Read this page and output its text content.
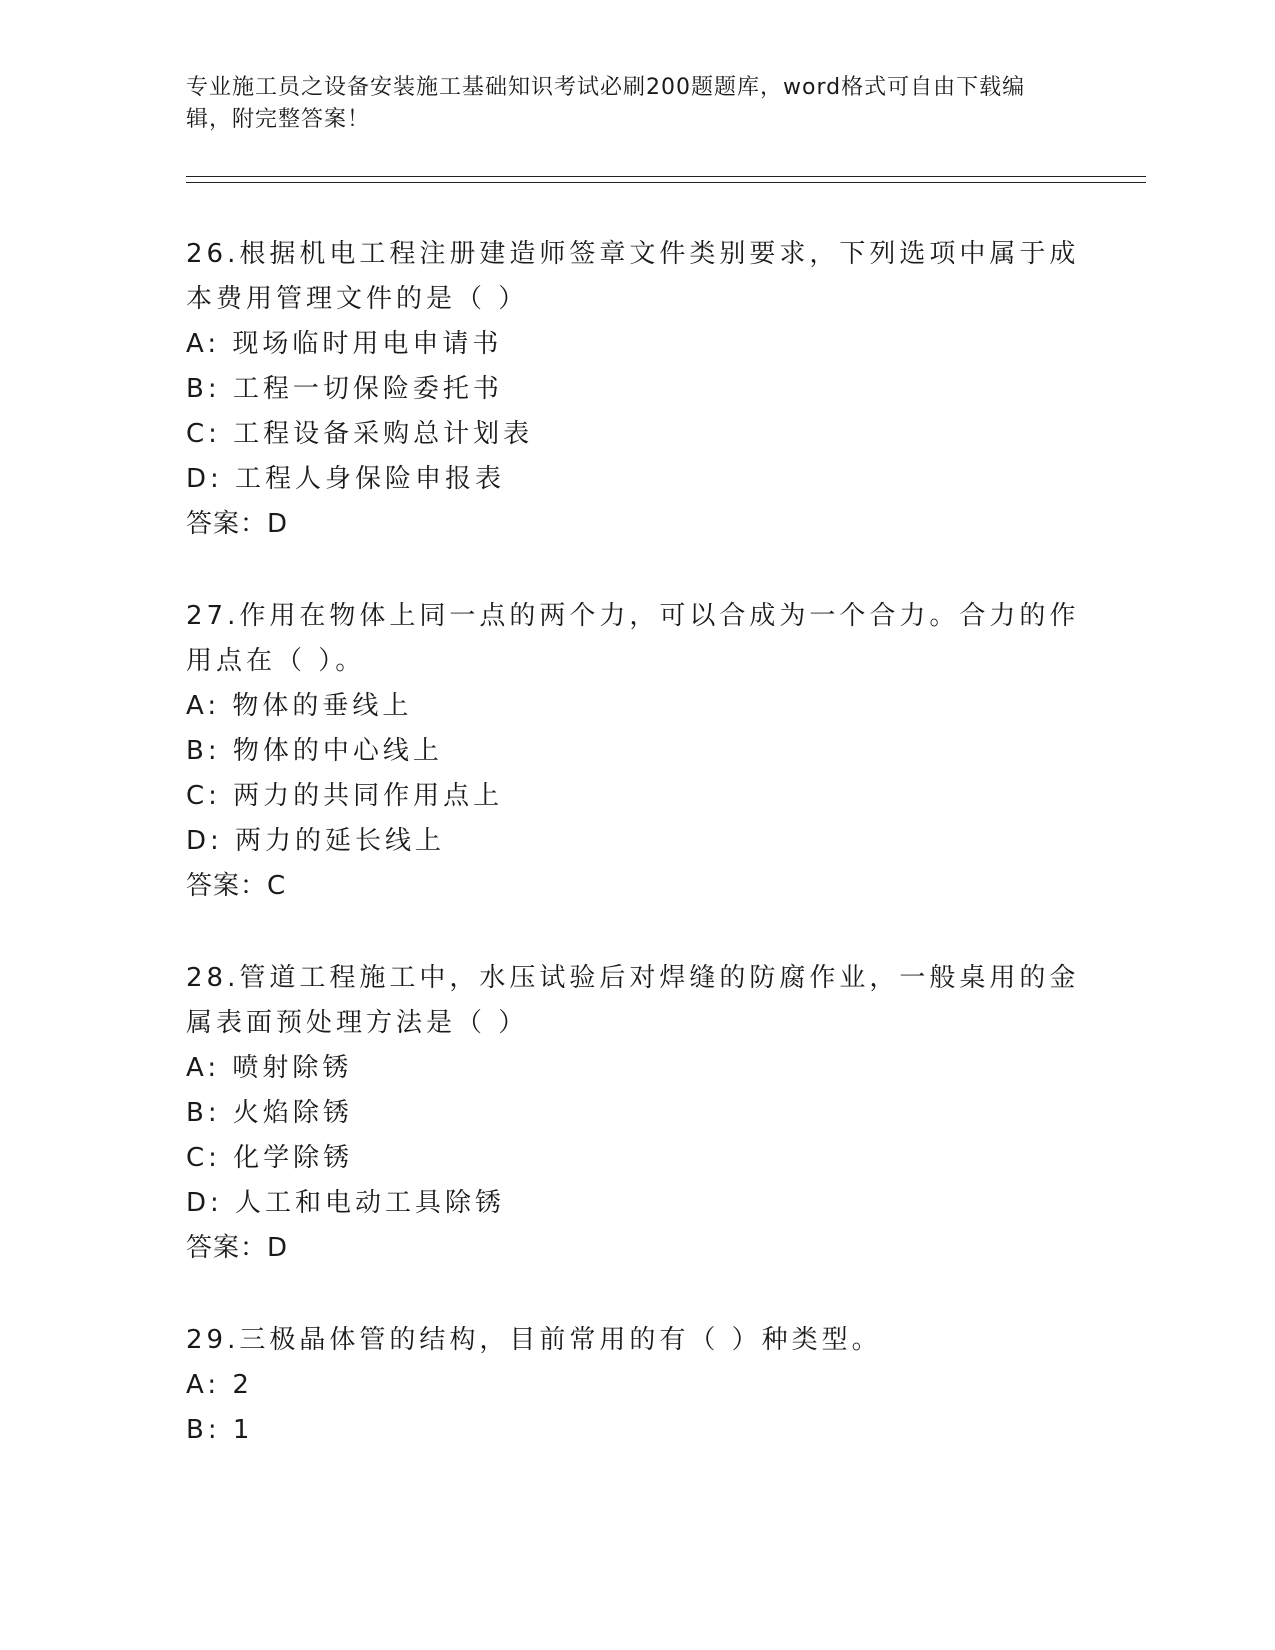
专业施工员之设备安装施工基础知识考试必刷200题题库，word格式可自由下载编辑，附完整答案！
26.根据机电工程注册建造师签章文件类别要求，下列选项中属于成本费用管理文件的是（ ）
A: 现场临时用电申请书
B: 工程一切保险委托书
C: 工程设备采购总计划表
D: 工程人身保险申报表
答案：D
27.作用在物体上同一点的两个力，可以合成为一个合力。合力的作用点在（ ）。
A: 物体的垂线上
B: 物体的中心线上
C: 两力的共同作用点上
D: 两力的延长线上
答案：C
28.管道工程施工中，水压试验后对焊缝的防腐作业，一般桌用的金属表面预处理方法是（ ）
A: 喷射除锈
B: 火焰除锈
C: 化学除锈
D: 人工和电动工具除锈
答案：D
29.三极晶体管的结构，目前常用的有（ ）种类型。
A: 2
B: 1
